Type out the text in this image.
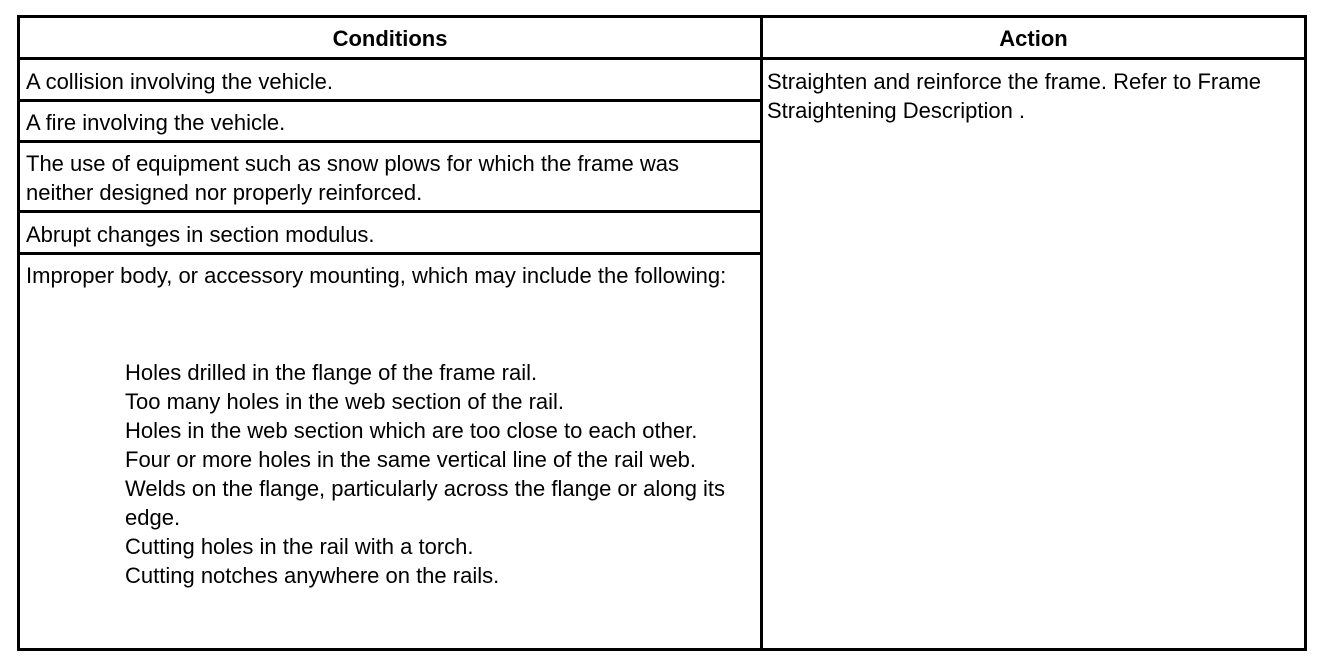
Conditions	Action
A collision involving the vehicle.
A fire involving the vehicle.
The use of equipment such as snow plows for which the frame was neither designed nor properly reinforced.
Abrupt changes in section modulus.
Improper body, or accessory mounting, which may include the following:
Holes drilled in the flange of the frame rail.
Too many holes in the web section of the rail.
Holes in the web section which are too close to each other.
Four or more holes in the same vertical line of the rail web.
Welds on the flange, particularly across the flange or along its edge.
Cutting holes in the rail with a torch.
Cutting notches anywhere on the rails.
Straighten and reinforce the frame. Refer to Frame Straightening Description .
